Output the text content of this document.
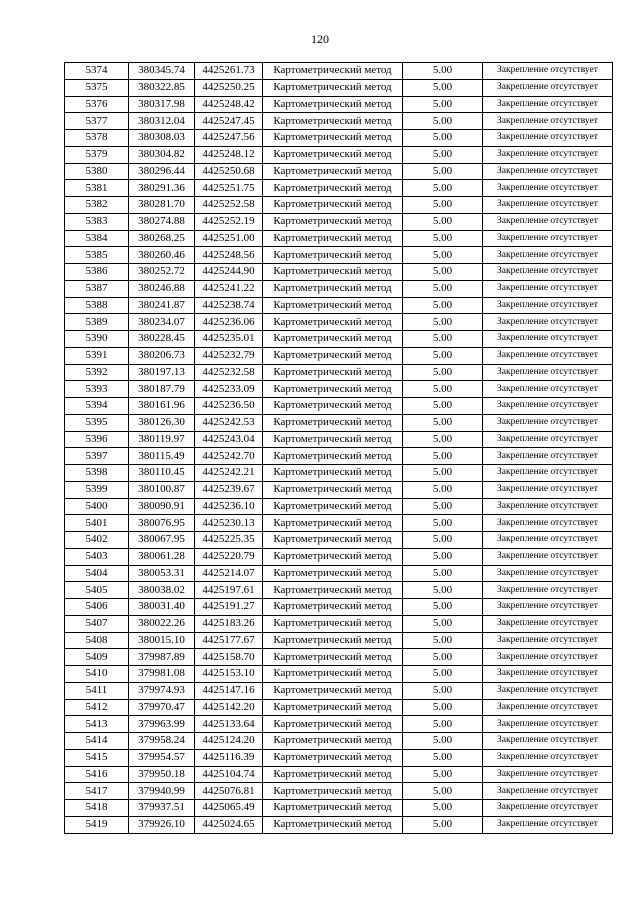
120
5374	380345.74	4425261.73	Картометрический метод	5.00	Закрепление отсутствует
5375	380322.85	4425250.25	Картометрический метод	5.00	Закрепление отсутствует
5376	380317.98	4425248.42	Картометрический метод	5.00	Закрепление отсутствует
5377	380312.04	4425247.45	Картометрический метод	5.00	Закрепление отсутствует
5378	380308.03	4425247.56	Картометрический метод	5.00	Закрепление отсутствует
5379	380304.82	4425248.12	Картометрический метод	5.00	Закрепление отсутствует
5380	380296.44	4425250.68	Картометрический метод	5.00	Закрепление отсутствует
5381	380291.36	4425251.75	Картометрический метод	5.00	Закрепление отсутствует
5382	380281.70	4425252.58	Картометрический метод	5.00	Закрепление отсутствует
5383	380274.88	4425252.19	Картометрический метод	5.00	Закрепление отсутствует
5384	380268.25	4425251.00	Картометрический метод	5.00	Закрепление отсутствует
5385	380260.46	4425248.56	Картометрический метод	5.00	Закрепление отсутствует
5386	380252.72	4425244.90	Картометрический метод	5.00	Закрепление отсутствует
5387	380246.88	4425241.22	Картометрический метод	5.00	Закрепление отсутствует
5388	380241.87	4425238.74	Картометрический метод	5.00	Закрепление отсутствует
5389	380234.07	4425236.06	Картометрический метод	5.00	Закрепление отсутствует
5390	380228.45	4425235.01	Картометрический метод	5.00	Закрепление отсутствует
5391	380206.73	4425232.79	Картометрический метод	5.00	Закрепление отсутствует
5392	380197.13	4425232.58	Картометрический метод	5.00	Закрепление отсутствует
5393	380187.79	4425233.09	Картометрический метод	5.00	Закрепление отсутствует
5394	380161.96	4425236.50	Картометрический метод	5.00	Закрепление отсутствует
5395	380126.30	4425242.53	Картометрический метод	5.00	Закрепление отсутствует
5396	380119.97	4425243.04	Картометрический метод	5.00	Закрепление отсутствует
5397	380115.49	4425242.70	Картометрический метод	5.00	Закрепление отсутствует
5398	380110.45	4425242.21	Картометрический метод	5.00	Закрепление отсутствует
5399	380100.87	4425239.67	Картометрический метод	5.00	Закрепление отсутствует
5400	380090.91	4425236.10	Картометрический метод	5.00	Закрепление отсутствует
5401	380076.95	4425230.13	Картометрический метод	5.00	Закрепление отсутствует
5402	380067.95	4425225.35	Картометрический метод	5.00	Закрепление отсутствует
5403	380061.28	4425220.79	Картометрический метод	5.00	Закрепление отсутствует
5404	380053.31	4425214.07	Картометрический метод	5.00	Закрепление отсутствует
5405	380038.02	4425197.61	Картометрический метод	5.00	Закрепление отсутствует
5406	380031.40	4425191.27	Картометрический метод	5.00	Закрепление отсутствует
5407	380022.26	4425183.26	Картометрический метод	5.00	Закрепление отсутствует
5408	380015.10	4425177.67	Картометрический метод	5.00	Закрепление отсутствует
5409	379987.89	4425158.70	Картометрический метод	5.00	Закрепление отсутствует
5410	379981.08	4425153.10	Картометрический метод	5.00	Закрепление отсутствует
5411	379974.93	4425147.16	Картометрический метод	5.00	Закрепление отсутствует
5412	379970.47	4425142.20	Картометрический метод	5.00	Закрепление отсутствует
5413	379963.99	4425133.64	Картометрический метод	5.00	Закрепление отсутствует
5414	379958.24	4425124.20	Картометрический метод	5.00	Закрепление отсутствует
5415	379954.57	4425116.39	Картометрический метод	5.00	Закрепление отсутствует
5416	379950.18	4425104.74	Картометрический метод	5.00	Закрепление отсутствует
5417	379940.99	4425076.81	Картометрический метод	5.00	Закрепление отсутствует
5418	379937.51	4425065.49	Картометрический метод	5.00	Закрепление отсутствует
5419	379926.10	4425024.65	Картометрический метод	5.00	Закрепление отсутствует
